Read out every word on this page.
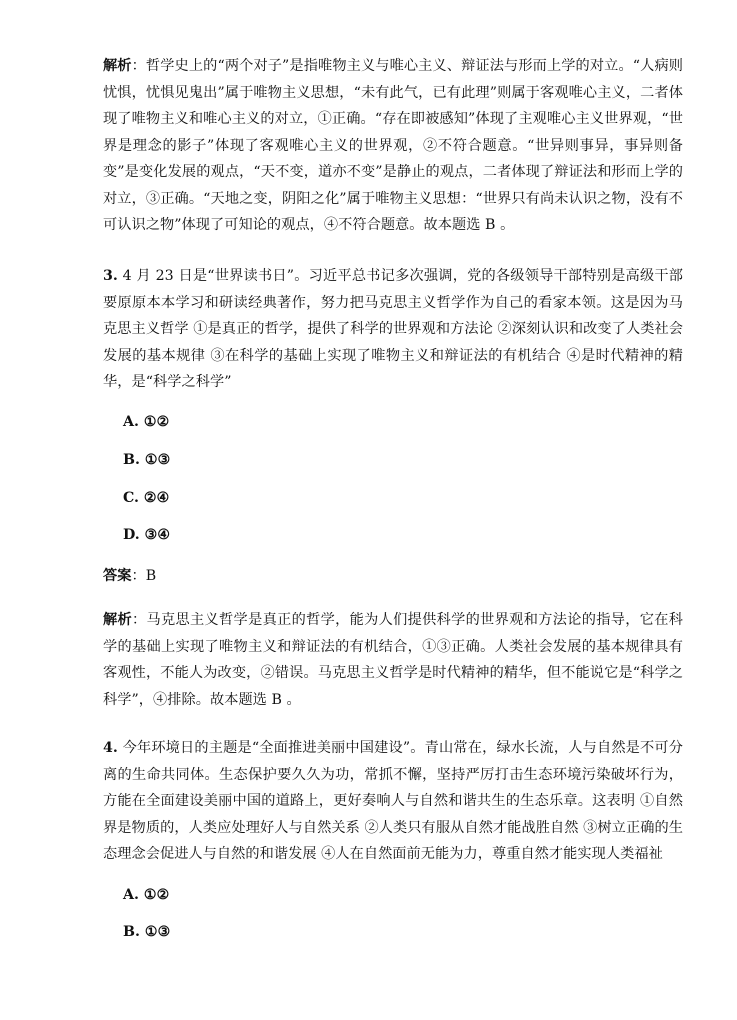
解析：哲学史上的“两个对子”是指唯物主义与唯心主义、辩证法与形而上学的对立。“人病则忧惧，忧惧见鬼出”属于唯物主义思想，“未有此气，已有此理”则属于客观唯心主义，二者体现了唯物主义和唯心主义的对立，①正确。“存在即被感知”体现了主观唯心主义世界观，“世界是理念的影子”体现了客观唯心主义的世界观，②不符合题意。“世异则事异，事异则备变”是变化发展的观点，“天不变，道亦不变”是静止的观点，二者体现了辩证法和形而上学的对立，③正确。“天地之变，阴阳之化”属于唯物主义思想：“世界只有尚未认识之物，没有不可认识之物”体现了可知论的观点，④不符合题意。故本题选 B 。

3. 4 月 23 日是“世界读书日”。习近平总书记多次强调，党的各级领导干部特别是高级干部要原原本本学习和研读经典著作，努力把马克思主义哲学作为自己的看家本领。这是因为马克思主义哲学 ①是真正的哲学，提供了科学的世界观和方法论 ②深刻认识和改变了人类社会发展的基本规律 ③在科学的基础上实现了唯物主义和辩证法的有机结合 ④是时代精神的精华，是“科学之科学”

A. ①②
B. ①③
C. ②④
D. ③④

答案：B

解析：马克思主义哲学是真正的哲学，能为人们提供科学的世界观和方法论的指导，它在科学的基础上实现了唯物主义和辩证法的有机结合，①③正确。人类社会发展的基本规律具有客观性，不能人为改变，②错误。马克思主义哲学是时代精神的精华，但不能说它是“科学之科学”，④排除。故本题选 B 。

4. 今年环境日的主题是“全面推进美丽中国建设”。青山常在，绿水长流，人与自然是不可分离的生命共同体。生态保护要久久为功，常抓不懈，坚持严厉打击生态环境污染破坏行为，方能在全面建设美丽中国的道路上，更好奏响人与自然和谐共生的生态乐章。这表明 ①自然界是物质的，人类应处理好人与自然关系 ②人类只有服从自然才能战胜自然 ③树立正确的生态理念会促进人与自然的和谐发展 ④人在自然面前无能为力，尊重自然才能实现人类福祉

A. ①②
B. ①③
